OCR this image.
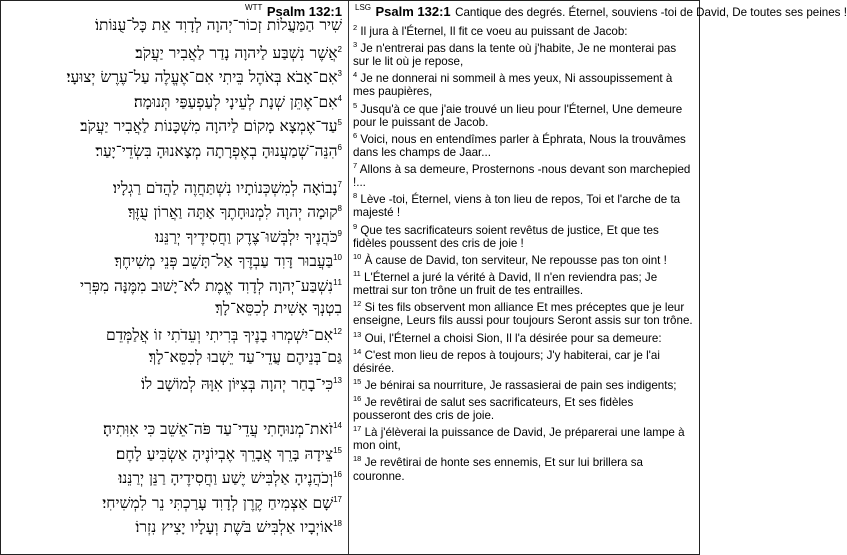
$^{WTT}$ Psalm 132:1
שִׁיר הַמַּעֲלוֹת זְכוֹר־יְהוָה לְדָוִד אֵת כָּל־עֻנּוֹתוֹ׃
$^2$אֲשֶׁר נִשְׁבַּע לַיהוָה נָדַר לַאֲבִיר יַעֲקֹב׃
$^3$אִם־אָבֹא בְּאֹהֶל בֵּיתִי אִם־אֶעֱלֶה עַל־עֶרֶשׂ יְצוּעָי׃
$^4$אִם־אֶתֵּן שְׁנָת לְעֵינָי לְעַפְעַפַּי תְּנוּמָה׃
$^5$עַד־אֶמְצָא מָקוֹם לַיהוָה מִשְׁכָּנוֹת לַאֲבִיר יַעֲקֹב׃
$^6$הִנֵּה־שְׁמַעֲנוּהָ בְאֶפְרָתָה מְצָאנוּהָ בִּשְׂדֵי־יָעַר׃
$^7$נָבוֹאָה לְמִשְׁכְּנוֹתָיו נִשְׁתַּחֲוֶה לַהֲדֹם רַגְלָיו׃
$^8$קוּמָה יְהוָה לִמְנוּחָתֶךָ אַתָּה וַאֲרוֹן עֻזֶּךָ׃
$^9$כֹּהֲנֶיךָ יִלְבְּשׁוּ־צֶדֶק וַחֲסִידֶיךָ יְרַנֵּנוּ׃
$^{10}$בַּעֲבוּר דָּוִד עַבְדֶּךָ אַל־תָּשֵׁב פְּנֵי מְשִׁיחֶךָ׃
$^{11}$נִשְׁבַּע־יְהוָה לְדָוִד אֱמֶת לֹא־יָשׁוּב מִמֶּנָּה מִפְּרִי
בִטְנְךָ אָשִׁית לְכִסֵּא־לָךְ׃
$^{12}$אִם־יִשְׁמְרוּ בָנֶיךָ בְּרִיתִי וְעֵדֹתִי זוֹ אֲלַמְּדֵם
גַּם־בְּנֵיהֶם עֲדֵי־עַד יֵשְׁבוּ לְכִסֵּא־לָךְ׃
$^{13}$כִּי־בָחַר יְהוָה בְּצִיּוֹן אִוָּהּ לְמוֹשָׁב לוֹ׃
$^{14}$זֹאת־מְנוּחָתִי עֲדֵי־עַד פֹּה־אֵשֵׁב כִּי אִוִּתִיהָ׃
$^{15}$צֵידָהּ בָּרֵךְ אֲבָרֵךְ אֶבְיוֹנֶיהָ אַשְׂבִּיעַ לָחֶם׃
$^{16}$וְכֹהֲנֶיהָ אַלְבִּישׁ יֶשַׁע וַחֲסִידֶיהָ רַנֵּן יְרַנֵּנוּ׃
$^{17}$שָׁם אַצְמִיחַ קֶרֶן לְדָוִד עָרַכְתִּי נֵר לִמְשִׁיחִי׃
$^{18}$אוֹיְבָיו אַלְבִּישׁ בֹּשֶׁת וְעָלָיו יָצִיץ נִזְרוֹ׃
$^{LSG}$ Psalm 132:1 Cantique des degrés. Éternel, souviens -toi de David, De toutes ses peines !
$^2$ Il jura à l'Éternel, Il fit ce voeu au puissant de Jacob:
$^3$ Je n'entrerai pas dans la tente où j'habite, Je ne monterai pas sur le lit où je repose,
$^4$ Je ne donnerai ni sommeil à mes yeux, Ni assoupissement à mes paupières,
$^5$ Jusqu'à ce que j'aie trouvé un lieu pour l'Éternel, Une demeure pour le puissant de Jacob.
$^6$ Voici, nous en entendîmes parler à Éphrata, Nous la trouvâmes dans les champs de Jaar...
$^7$ Allons à sa demeure, Prosternons -nous devant son marchepied !...
$^8$ Lève -toi, Éternel, viens à ton lieu de repos, Toi et l'arche de ta majesté !
$^9$ Que tes sacrificateurs soient revêtus de justice, Et que tes fidèles poussent des cris de joie !
$^{10}$ À cause de David, ton serviteur, Ne repousse pas ton oint !
$^{11}$ L'Éternel a juré la vérité à David, Il n'en reviendra pas; Je mettrai sur ton trône un fruit de tes entrailles.
$^{12}$ Si tes fils observent mon alliance Et mes préceptes que je leur enseigne, Leurs fils aussi pour toujours Seront assis sur ton trône.
$^{13}$ Oui, l'Éternel a choisi Sion, Il l'a désirée pour sa demeure:
$^{14}$ C'est mon lieu de repos à toujours; J'y habiterai, car je l'ai désirée.
$^{15}$ Je bénirai sa nourriture, Je rassasierai de pain ses indigents;
$^{16}$ Je revêtirai de salut ses sacrificateurs, Et ses fidèles pousseront des cris de joie.
$^{17}$ Là j'élèverai la puissance de David, Je préparerai une lampe à mon oint,
$^{18}$ Je revêtirai de honte ses ennemis, Et sur lui brillera sa couronne.
